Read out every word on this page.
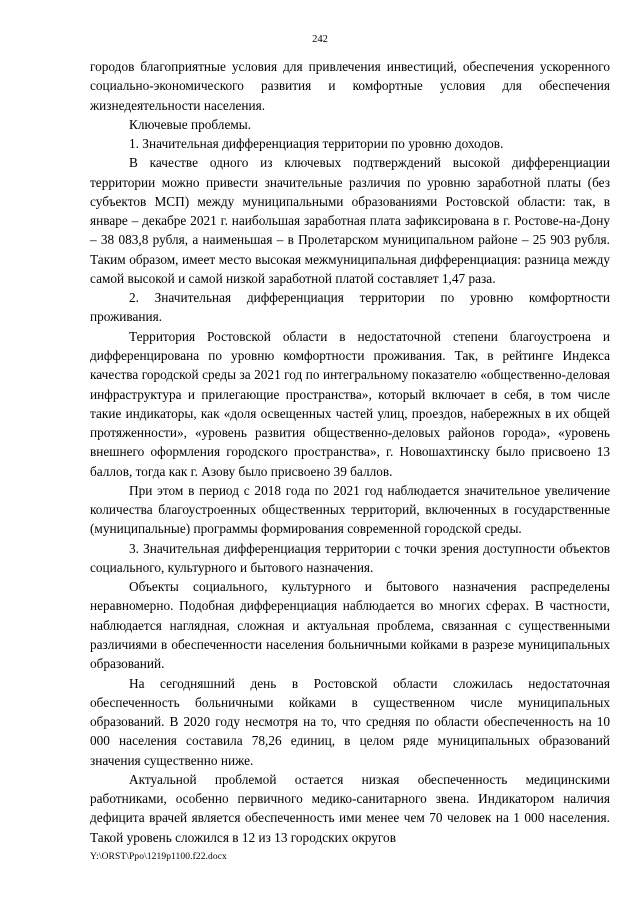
242

городов благоприятные условия для привлечения инвестиций, обеспечения ускоренного социально-экономического развития и комфортные условия для обеспечения жизнедеятельности населения.

Ключевые проблемы.

1. Значительная дифференциация территории по уровню доходов.

В качестве одного из ключевых подтверждений высокой дифференциации территории можно привести значительные различия по уровню заработной платы (без субъектов МСП) между муниципальными образованиями Ростовской области: так, в январе – декабре 2021 г. наибольшая заработная плата зафиксирована в г. Ростове-на-Дону – 38 083,8 рубля, а наименьшая – в Пролетарском муниципальном районе – 25 903 рубля. Таким образом, имеет место высокая межмуниципальная дифференциация: разница между самой высокой и самой низкой заработной платой составляет 1,47 раза.

2. Значительная дифференциация территории по уровню комфортности проживания.

Территория Ростовской области в недостаточной степени благоустроена и дифференцирована по уровню комфортности проживания. Так, в рейтинге Индекса качества городской среды за 2021 год по интегральному показателю «общественно-деловая инфраструктура и прилегающие пространства», который включает в себя, в том числе такие индикаторы, как «доля освещенных частей улиц, проездов, набережных в их общей протяженности», «уровень развития общественно-деловых районов города», «уровень внешнего оформления городского пространства», г. Новошахтинску было присвоено 13 баллов, тогда как г. Азову было присвоено 39 баллов.

При этом в период с 2018 года по 2021 год наблюдается значительное увеличение количества благоустроенных общественных территорий, включенных в государственные (муниципальные) программы формирования современной городской среды.

3. Значительная дифференциация территории с точки зрения доступности объектов социального, культурного и бытового назначения.

Объекты социального, культурного и бытового назначения распределены неравномерно. Подобная дифференциация наблюдается во многих сферах. В частности, наблюдается наглядная, сложная и актуальная проблема, связанная с существенными различиями в обеспеченности населения больничными койками в разрезе муниципальных образований.

На сегодняшний день в Ростовской области сложилась недостаточная обеспеченность больничными койками в существенном числе муниципальных образований. В 2020 году несмотря на то, что средняя по области обеспеченность на 10 000 населения составила 78,26 единиц, в целом ряде муниципальных образований значения существенно ниже.

Актуальной проблемой остается низкая обеспеченность медицинскими работниками, особенно первичного медико-санитарного звена. Индикатором наличия дефицита врачей является обеспеченность ими менее чем 70 человек на 1 000 населения. Такой уровень сложился в 12 из 13 городских округов

Y:\ORST\Ppo\1219p1100.f22.docx
